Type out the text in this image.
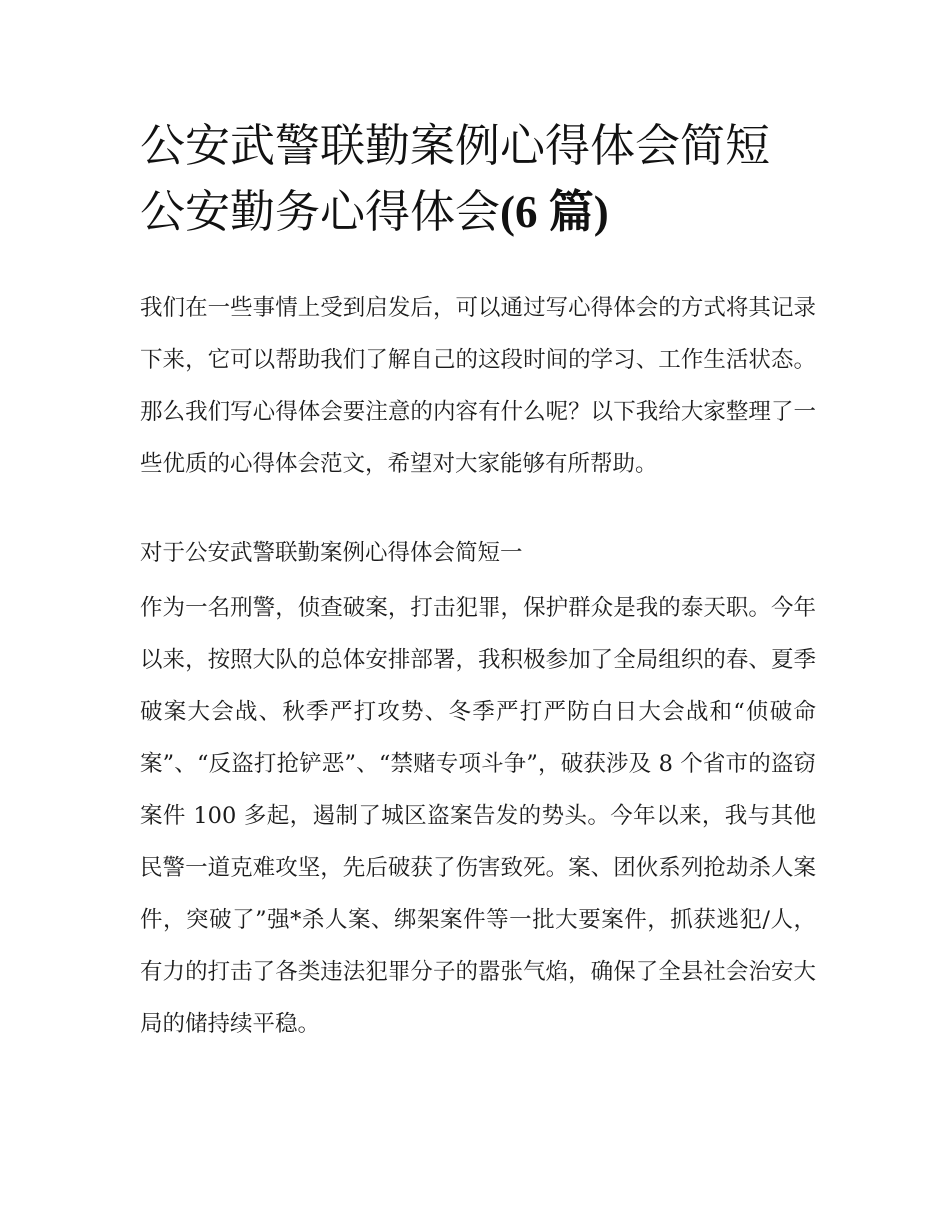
公安武警联勤案例心得体会简短 公安勤务心得体会(6 篇)

我们在一些事情上受到启发后，可以通过写心得体会的方式将其记录下来，它可以帮助我们了解自己的这段时间的学习、工作生活状态。那么我们写心得体会要注意的内容有什么呢？以下我给大家整理了一些优质的心得体会范文，希望对大家能够有所帮助。

对于公安武警联勤案例心得体会简短一

作为一名刑警，侦查破案，打击犯罪，保护群众是我的泰天职。今年以来，按照大队的总体安排部署，我积极参加了全局组织的春、夏季破案大会战、秋季严打攻势、冬季严打严防白日大会战和“侦破命案”、“反盗打抢铲恶”、“禁赌专项斗争”，破获涉及 8 个省市的盗窃案件 100 多起，遏制了城区盗案告发的势头。今年以来，我与其他民警一道克难攻坚，先后破获了伤害致死。案、团伙系列抢劫杀人案件，突破了”强*杀人案、绑架案件等一批大要案件，抓获逃犯/人，有力的打击了各类违法犯罪分子的嚣张气焰，确保了全县社会治安大局的储持续平稳。
